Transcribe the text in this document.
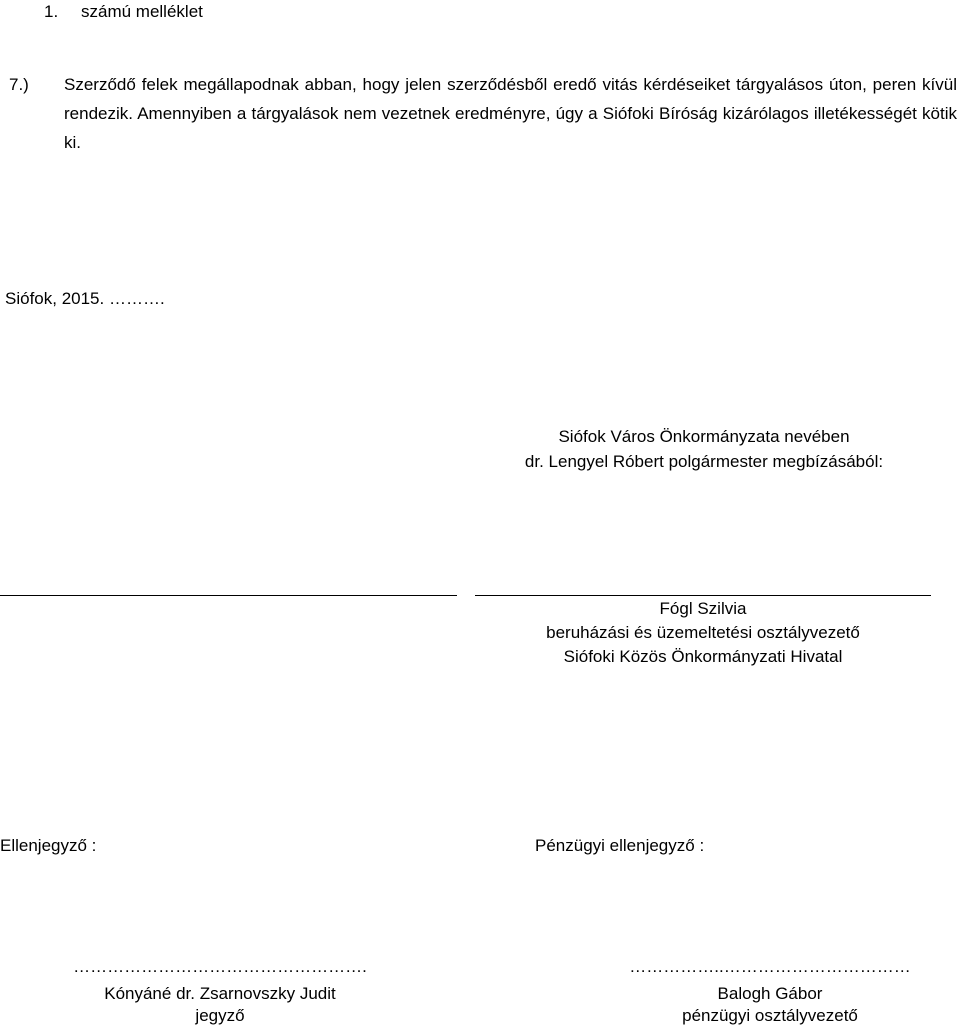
1. számú melléklet
7.) Szerződő felek megállapodnak abban, hogy jelen szerződésből eredő vitás kérdéseiket tárgyalásos úton, peren kívül rendezik. Amennyiben a tárgyalások nem vezetnek eredményre, úgy a Siófoki Bíróság kizárólagos illetékességét kötik ki.
Siófok, 2015. ……….
Siófok Város Önkormányzata nevében
dr. Lengyel Róbert polgármester megbízásából:
Fógl Szilvia
beruházási és üzemeltetési osztályvezető
Siófoki Közös Önkormányzati Hivatal
Ellenjegyző :	Pénzügyi ellenjegyző :
…………………………………………….	……………..……………………………
Kónyáné dr. Zsarnovszky Judit
jegyző
Balogh Gábor
pénzügyi osztályvezető
